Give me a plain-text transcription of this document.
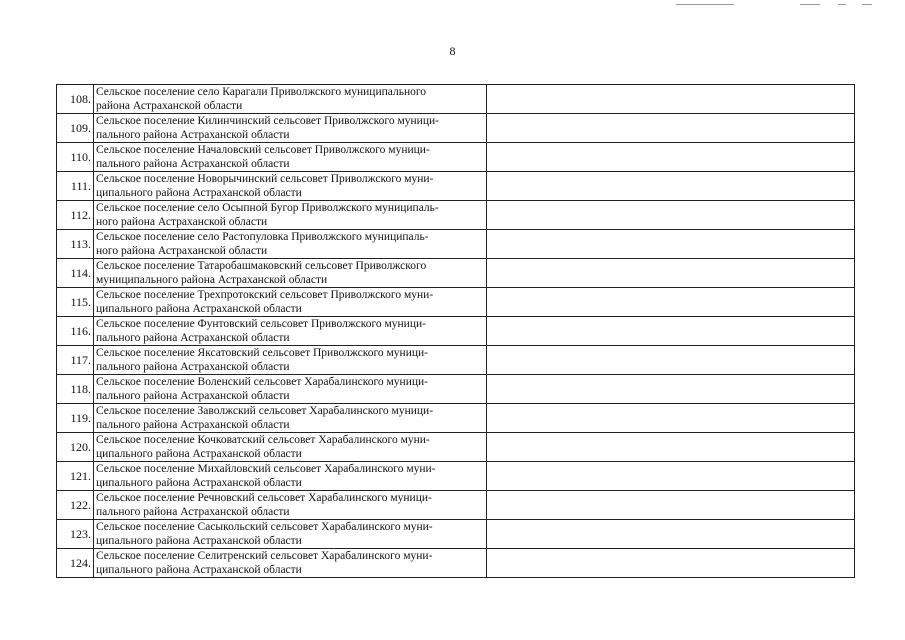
8
108.	Сельское поселение село Карагали Приволжского муниципального
района Астраханской области	

109.	Сельское поселение Килинчинский сельсовет Приволжского муници-
пального района Астраханской области	

110.	Сельское поселение Началовский сельсовет Приволжского муници-
пального района Астраханской области	

111.	Сельское поселение Новорычинский сельсовет Приволжского муни-
ципального района Астраханской области	

112.	Сельское поселение село Осыпной Бугор Приволжского муниципаль-
ного района Астраханской области	

113.	Сельское поселение село Растопуловка Приволжского муниципаль-
ного района Астраханской области	

114.	Сельское поселение Татаробашмаковский сельсовет Приволжского
муниципального района Астраханской области	

115.	Сельское поселение Трехпротокский сельсовет Приволжского муни-
ципального района Астраханской области	

116.	Сельское поселение Фунтовский сельсовет Приволжского муници-
пального района Астраханской области	

117.	Сельское поселение Яксатовский сельсовет Приволжского муници-
пального района Астраханской области	

118.	Сельское поселение Воленский сельсовет Харабалинского муници-
пального района Астраханской области	

119.	Сельское поселение Заволжский сельсовет Харабалинского муници-
пального района Астраханской области	

120.	Сельское поселение Кочковатский сельсовет Харабалинского муни-
ципального района Астраханской области	

121.	Сельское поселение Михайловский сельсовет Харабалинского муни-
ципального района Астраханской области	

122.	Сельское поселение Речновский сельсовет Харабалинского муници-
пального района Астраханской области	

123.	Сельское поселение Сасыкольский сельсовет Харабалинского муни-
ципального района Астраханской области	

124.	Сельское поселение Селитренский сельсовет Харабалинского муни-
ципального района Астраханской области	
